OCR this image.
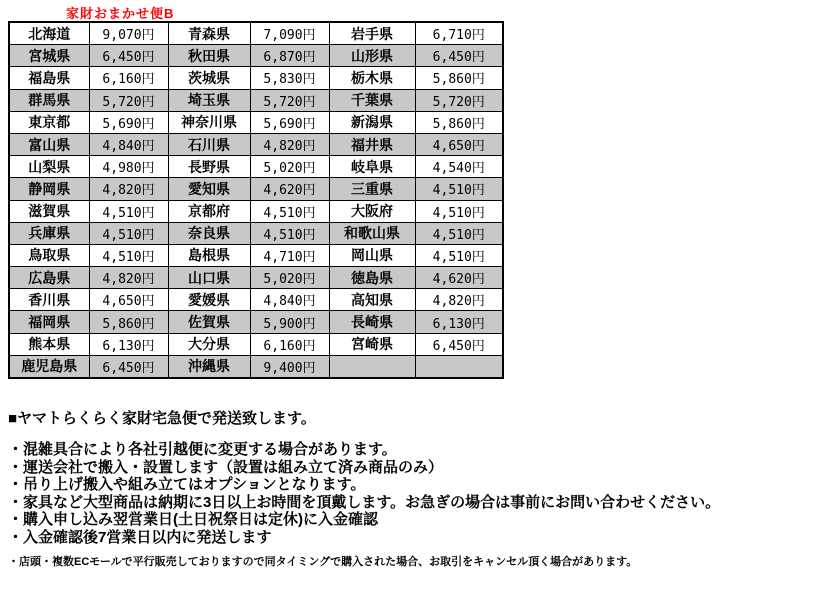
家財おまかせ便B
北海道	9,070円	青森県	7,090円	岩手県	6,710円
宮城県	6,450円	秋田県	6,870円	山形県	6,450円
福島県	6,160円	茨城県	5,830円	栃木県	5,860円
群馬県	5,720円	埼玉県	5,720円	千葉県	5,720円
東京都	5,690円	神奈川県	5,690円	新潟県	5,860円
富山県	4,840円	石川県	4,820円	福井県	4,650円
山梨県	4,980円	長野県	5,020円	岐阜県	4,540円
静岡県	4,820円	愛知県	4,620円	三重県	4,510円
滋賀県	4,510円	京都府	4,510円	大阪府	4,510円
兵庫県	4,510円	奈良県	4,510円	和歌山県	4,510円
鳥取県	4,510円	島根県	4,710円	岡山県	4,510円
広島県	4,820円	山口県	5,020円	徳島県	4,620円
香川県	4,650円	愛媛県	4,840円	高知県	4,820円
福岡県	5,860円	佐賀県	5,900円	長崎県	6,130円
熊本県	6,130円	大分県	6,160円	宮崎県	6,450円
鹿児島県	6,450円	沖縄県	9,400円		

■ヤマトらくらく家財宅急便で発送致します。

・混雑具合により各社引越便に変更する場合があります。

・運送会社で搬入・設置します（設置は組み立て済み商品のみ）

・吊り上げ搬入や組み立てはオプションとなります。

・家具など大型商品は納期に3日以上お時間を頂戴します。お急ぎの場合は事前にお問い合わせください。

・購入申し込み翌営業日(土日祝祭日は定休)に入金確認

・入金確認後7営業日以内に発送します

・店頭・複数ECモールで平行販売しておりますので同タイミングで購入された場合、お取引をキャンセル頂く場合があります。
